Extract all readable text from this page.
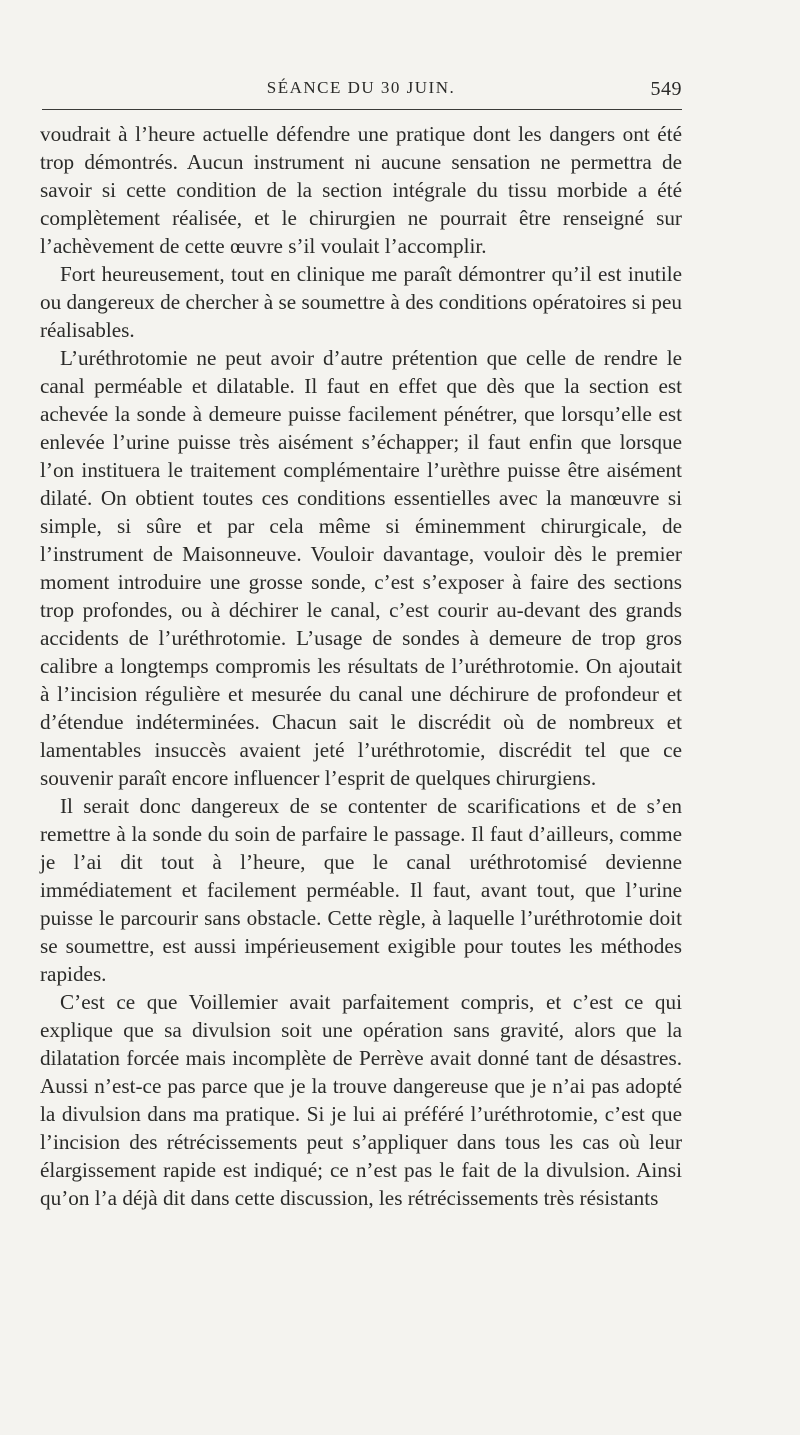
SÉANCE DU 30 JUIN.	549

voudrait à l’heure actuelle défendre une pratique dont les dangers ont été trop démontrés. Aucun instrument ni aucune sensation ne permettra de savoir si cette condition de la section intégrale du tissu morbide a été complètement réalisée, et le chirurgien ne pourrait être renseigné sur l’achèvement de cette œuvre s’il voulait l’accomplir.

Fort heureusement, tout en clinique me paraît démontrer qu’il est inutile ou dangereux de chercher à se soumettre à des conditions opératoires si peu réalisables.

L’uréthrotomie ne peut avoir d’autre prétention que celle de rendre le canal perméable et dilatable. Il faut en effet que dès que la section est achevée la sonde à demeure puisse facilement pénétrer, que lorsqu’elle est enlevée l’urine puisse très aisément s’échapper; il faut enfin que lorsque l’on instituera le traitement complémentaire l’urèthre puisse être aisément dilaté. On obtient toutes ces conditions essentielles avec la manœuvre si simple, si sûre et par cela même si éminemment chirurgicale, de l’instrument de Maisonneuve. Vouloir davantage, vouloir dès le premier moment introduire une grosse sonde, c’est s’exposer à faire des sections trop profondes, ou à déchirer le canal, c’est courir au-devant des grands accidents de l’uréthrotomie. L’usage de sondes à demeure de trop gros calibre a longtemps compromis les résultats de l’uréthrotomie. On ajoutait à l’incision régulière et mesurée du canal une déchirure de profondeur et d’étendue indéterminées. Chacun sait le discrédit où de nombreux et lamentables insuccès avaient jeté l’uréthrotomie, discrédit tel que ce souvenir paraît encore influencer l’esprit de quelques chirurgiens.

Il serait donc dangereux de se contenter de scarifications et de s’en remettre à la sonde du soin de parfaire le passage. Il faut d’ailleurs, comme je l’ai dit tout à l’heure, que le canal uréthrotomisé devienne immédiatement et facilement perméable. Il faut, avant tout, que l’urine puisse le parcourir sans obstacle. Cette règle, à laquelle l’uréthrotomie doit se soumettre, est aussi impérieusement exigible pour toutes les méthodes rapides.

C’est ce que Voillemier avait parfaitement compris, et c’est ce qui explique que sa divulsion soit une opération sans gravité, alors que la dilatation forcée mais incomplète de Perrève avait donné tant de désastres. Aussi n’est-ce pas parce que je la trouve dangereuse que je n’ai pas adopté la divulsion dans ma pratique. Si je lui ai préféré l’uréthrotomie, c’est que l’incision des rétrécissements peut s’appliquer dans tous les cas où leur élargissement rapide est indiqué; ce n’est pas le fait de la divulsion. Ainsi qu’on l’a déjà dit dans cette discussion, les rétrécissements très résistants
